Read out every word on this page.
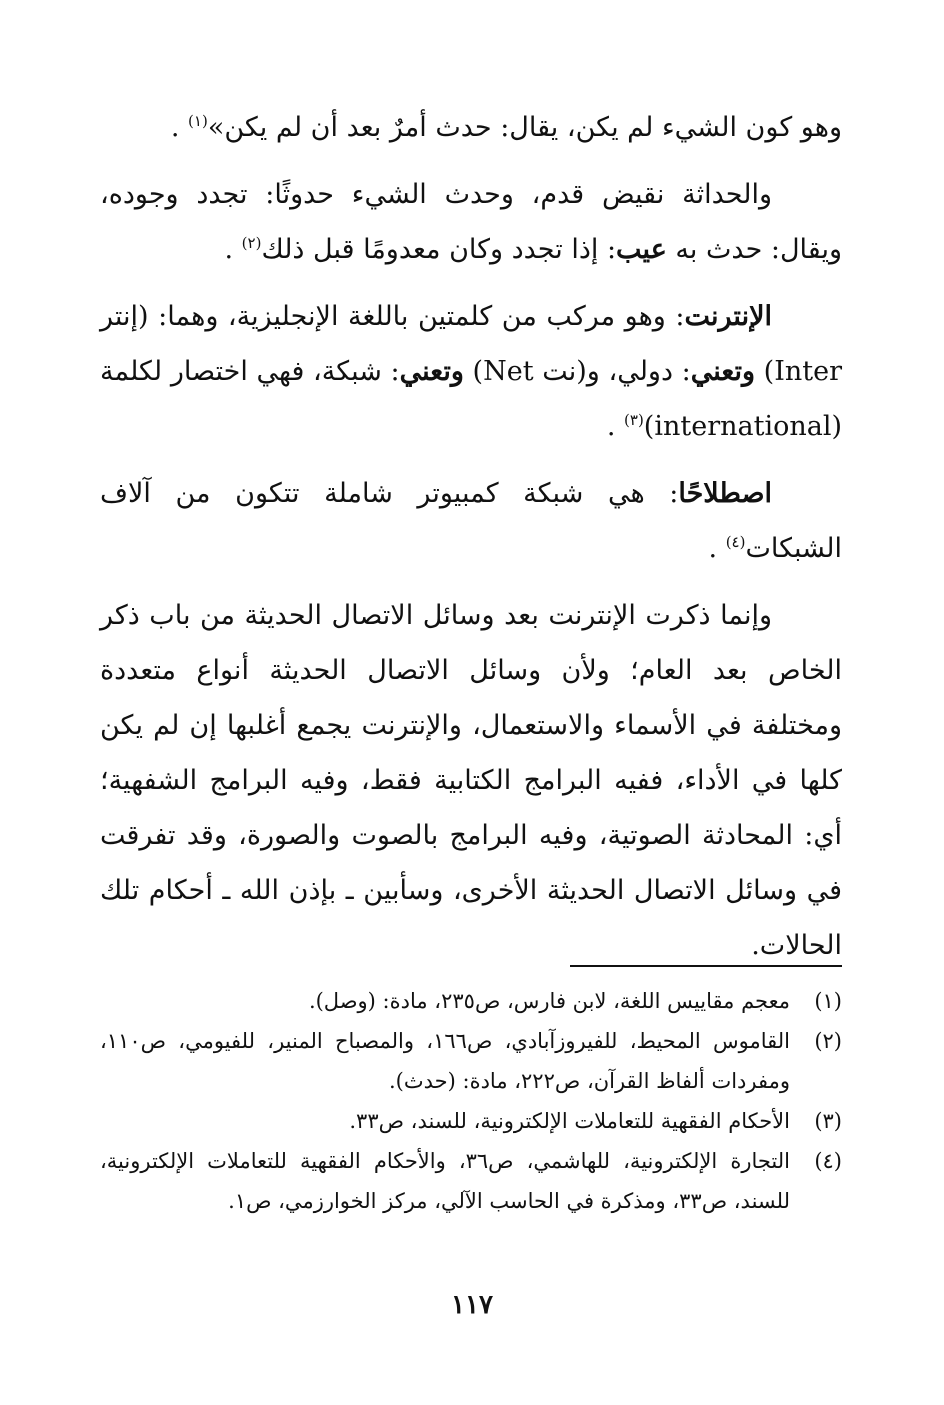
وهو كون الشيء لم يكن، يقال: حدث أمرٌ بعد أن لم يكن»$^{(١)}$ .

والحداثة نقيض قدم، وحدث الشيء حدوثًا: تجدد وجوده، ويقال: حدث به عيب: إذا تجدد وكان معدومًا قبل ذلك$^{(٢)}$ .

الإنترنت: وهو مركب من كلمتين باللغة الإنجليزية، وهما: (إنتر Inter) وتعني: دولي، و(نت Net) وتعني: شبكة، فهي اختصار لكلمة (international)$^{(٣)}$ .

اصطلاحًا: هي شبكة كمبيوتر شاملة تتكون من آلاف الشبكات$^{(٤)}$ .

وإنما ذكرت الإنترنت بعد وسائل الاتصال الحديثة من باب ذكر الخاص بعد العام؛ ولأن وسائل الاتصال الحديثة أنواع متعددة ومختلفة في الأسماء والاستعمال، والإنترنت يجمع أغلبها إن لم يكن كلها في الأداء، ففيه البرامج الكتابية فقط، وفيه البرامج الشفهية؛ أي: المحادثة الصوتية، وفيه البرامج بالصوت والصورة، وقد تفرقت في وسائل الاتصال الحديثة الأخرى، وسأبين ـ بإذن الله ـ أحكام تلك الحالات.

(١)
معجم مقاييس اللغة، لابن فارس، ص٢٣٥، مادة: (وصل).
(٢)
القاموس المحيط، للفيروزآبادي، ص١٦٦، والمصباح المنير، للفيومي، ص١١٠، ومفردات ألفاظ القرآن، ص٢٢٢، مادة: (حدث).
(٣)
الأحكام الفقهية للتعاملات الإلكترونية، للسند، ص٣٣.
(٤)
التجارة الإلكترونية، للهاشمي، ص٣٦، والأحكام الفقهية للتعاملات الإلكترونية، للسند، ص٣٣، ومذكرة في الحاسب الآلي، مركز الخوارزمي، ص١.
١١٧
